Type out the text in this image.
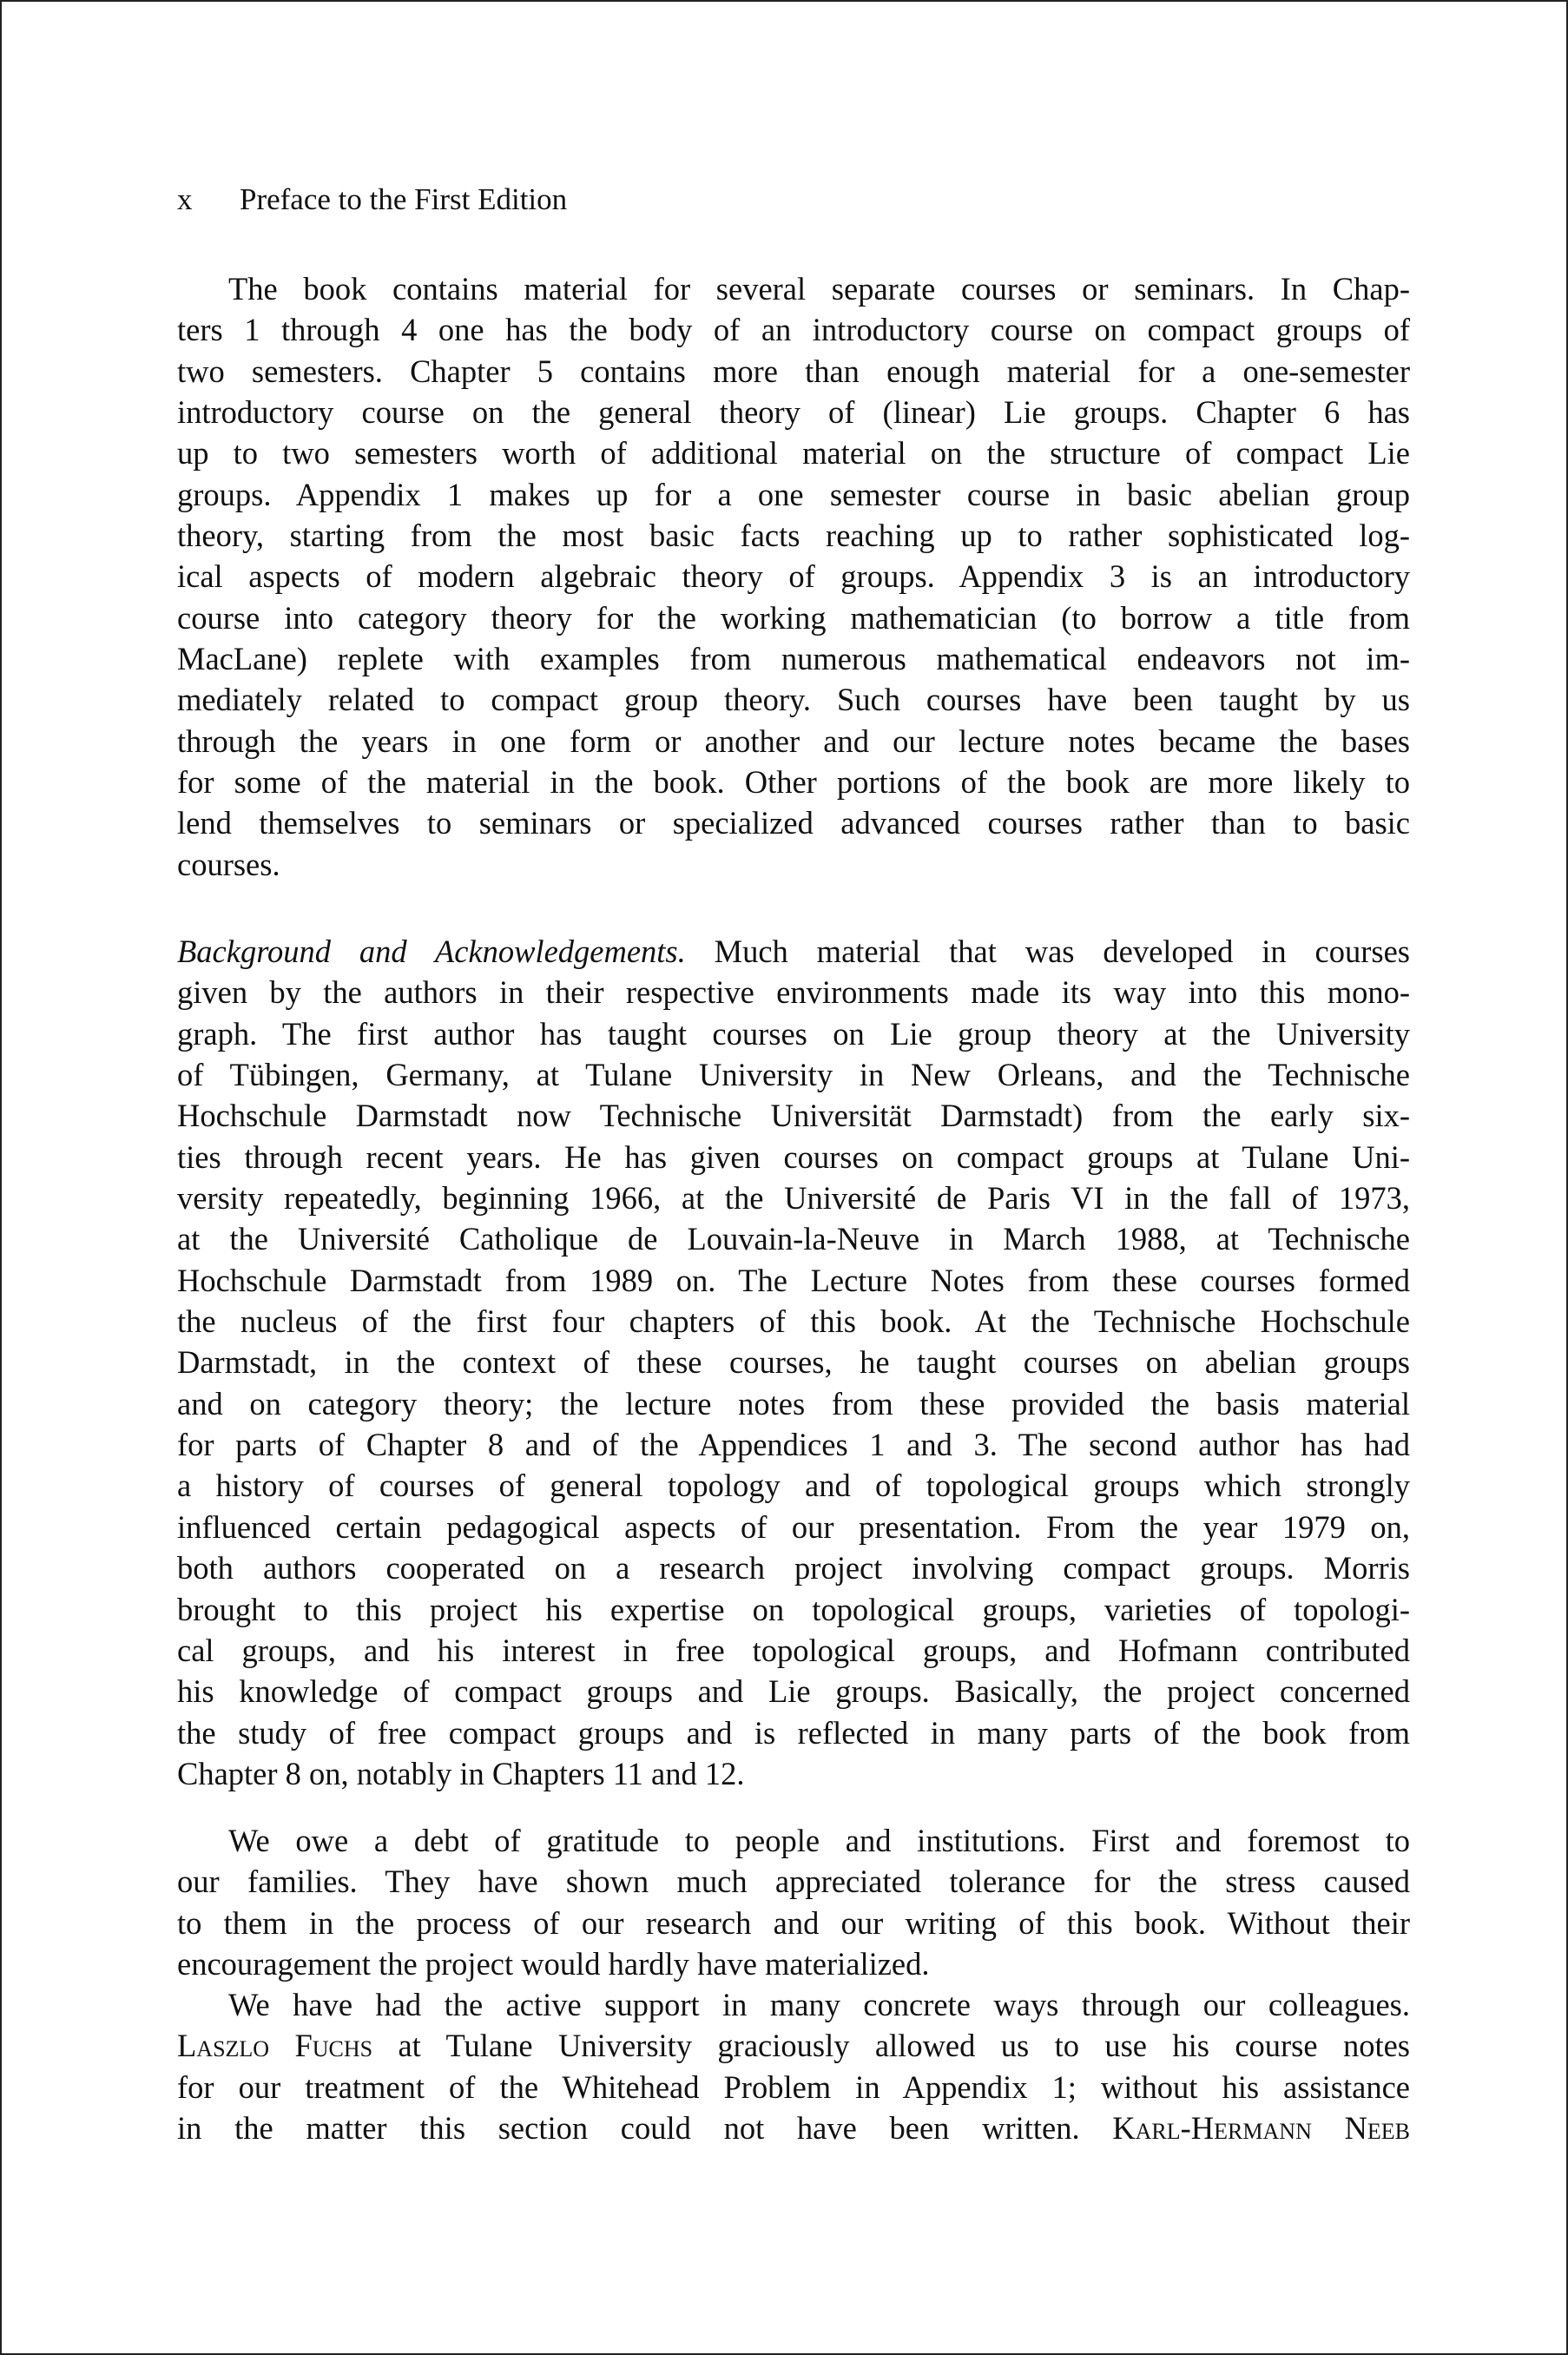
x Preface to the First Edition
The book contains material for several separate courses or seminars. In Chap-
ters 1 through 4 one has the body of an introductory course on compact groups of
two semesters. Chapter 5 contains more than enough material for a one-semester
introductory course on the general theory of (linear) Lie groups. Chapter 6 has
up to two semesters worth of additional material on the structure of compact Lie
groups. Appendix 1 makes up for a one semester course in basic abelian group
theory, starting from the most basic facts reaching up to rather sophisticated log-
ical aspects of modern algebraic theory of groups. Appendix 3 is an introductory
course into category theory for the working mathematician (to borrow a title from
MacLane) replete with examples from numerous mathematical endeavors not im-
mediately related to compact group theory. Such courses have been taught by us
through the years in one form or another and our lecture notes became the bases
for some of the material in the book. Other portions of the book are more likely to
lend themselves to seminars or specialized advanced courses rather than to basic
courses.
Background and Acknowledgements. Much material that was developed in courses
given by the authors in their respective environments made its way into this mono-
graph. The first author has taught courses on Lie group theory at the University
of Tübingen, Germany, at Tulane University in New Orleans, and the Technische
Hochschule Darmstadt now Technische Universität Darmstadt) from the early six-
ties through recent years. He has given courses on compact groups at Tulane Uni-
versity repeatedly, beginning 1966, at the Université de Paris VI in the fall of 1973,
at the Université Catholique de Louvain-la-Neuve in March 1988, at Technische
Hochschule Darmstadt from 1989 on. The Lecture Notes from these courses formed
the nucleus of the first four chapters of this book. At the Technische Hochschule
Darmstadt, in the context of these courses, he taught courses on abelian groups
and on category theory; the lecture notes from these provided the basis material
for parts of Chapter 8 and of the Appendices 1 and 3. The second author has had
a history of courses of general topology and of topological groups which strongly
influenced certain pedagogical aspects of our presentation. From the year 1979 on,
both authors cooperated on a research project involving compact groups. Morris
brought to this project his expertise on topological groups, varieties of topologi-
cal groups, and his interest in free topological groups, and Hofmann contributed
his knowledge of compact groups and Lie groups. Basically, the project concerned
the study of free compact groups and is reflected in many parts of the book from
Chapter 8 on, notably in Chapters 11 and 12.
We owe a debt of gratitude to people and institutions. First and foremost to
our families. They have shown much appreciated tolerance for the stress caused
to them in the process of our research and our writing of this book. Without their
encouragement the project would hardly have materialized.
We have had the active support in many concrete ways through our colleagues.
Laszlo Fuchs at Tulane University graciously allowed us to use his course notes
for our treatment of the Whitehead Problem in Appendix 1; without his assistance
in the matter this section could not have been written. Karl-Hermann Neeb
